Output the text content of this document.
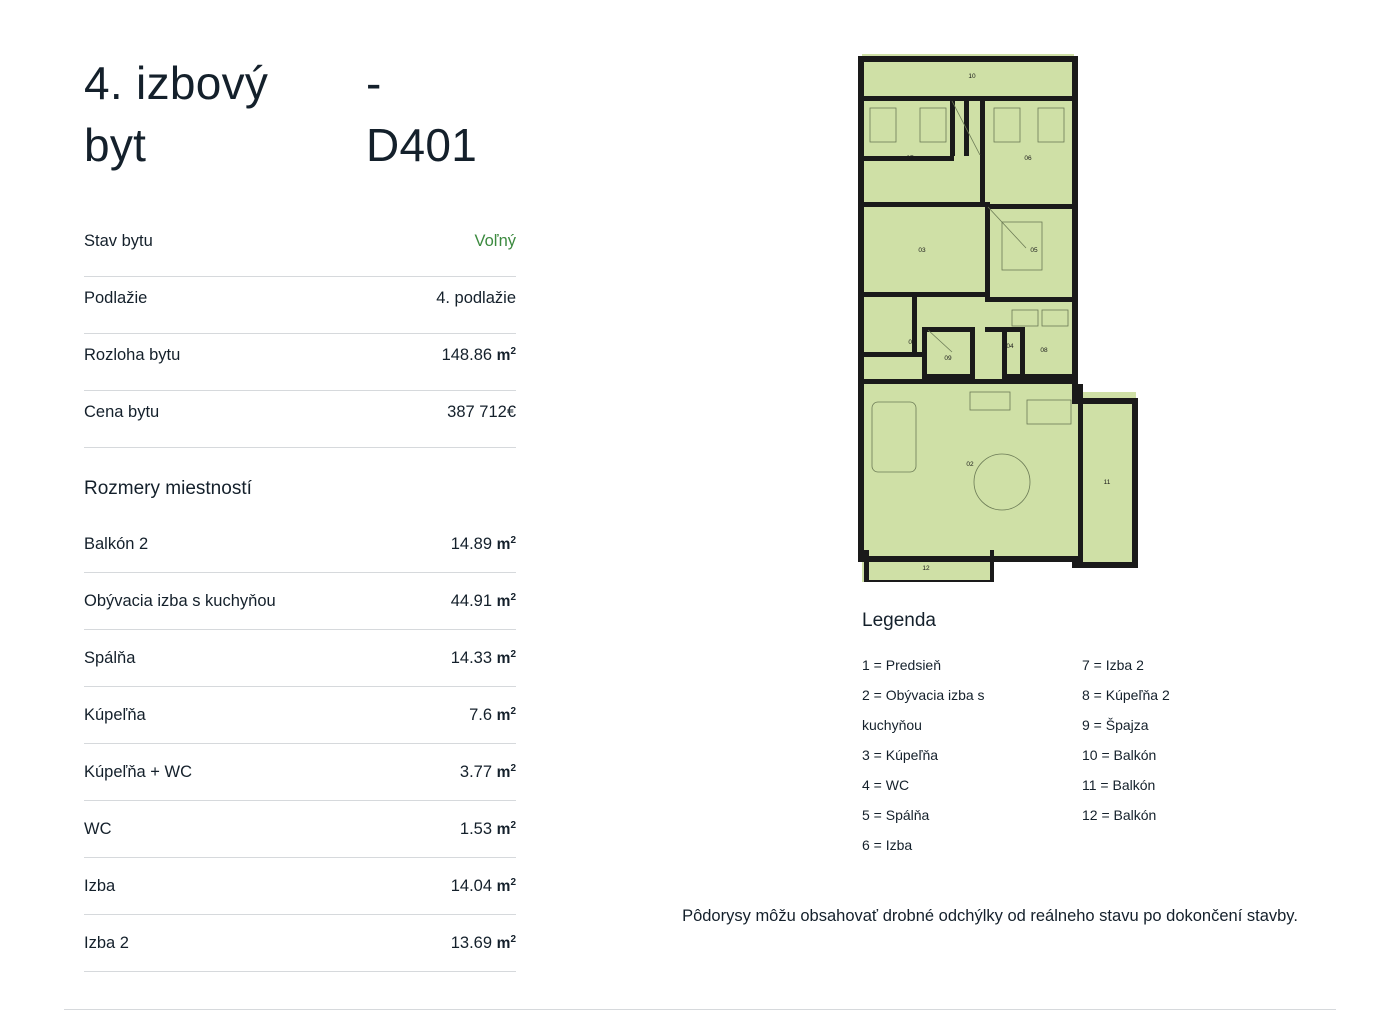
4. izbový	-
byt	D401
Stav bytu	Voľný
Podlažie	4. podlažie
Rozloha bytu	148.86 $m^2$
Cena bytu	387 712€
Rozmery miestností
Balkón 2	14.89 $m^2$
Obývacia izba s kuchyňou	44.91 $m^2$
Spálňa	14.33 $m^2$
Kúpeľňa	7.6 $m^2$
Kúpeľňa + WC	3.77 $m^2$
WC	1.53 $m^2$
Izba	14.04 $m^2$
Izba 2	13.69 $m^2$
10
07	06
03	05
01
09
04
08
02
11
12
Legenda
1 = Predsieň
2 = Obývacia izba s kuchyňou
3 = Kúpeľňa
4 = WC
5 = Spálňa
6 = Izba
7 = Izba 2
8 = Kúpeľňa 2
9 = Špajza
10 = Balkón
11 = Balkón
12 = Balkón
Pôdorysy môžu obsahovať drobné odchýlky od reálneho stavu po dokončení stavby.
